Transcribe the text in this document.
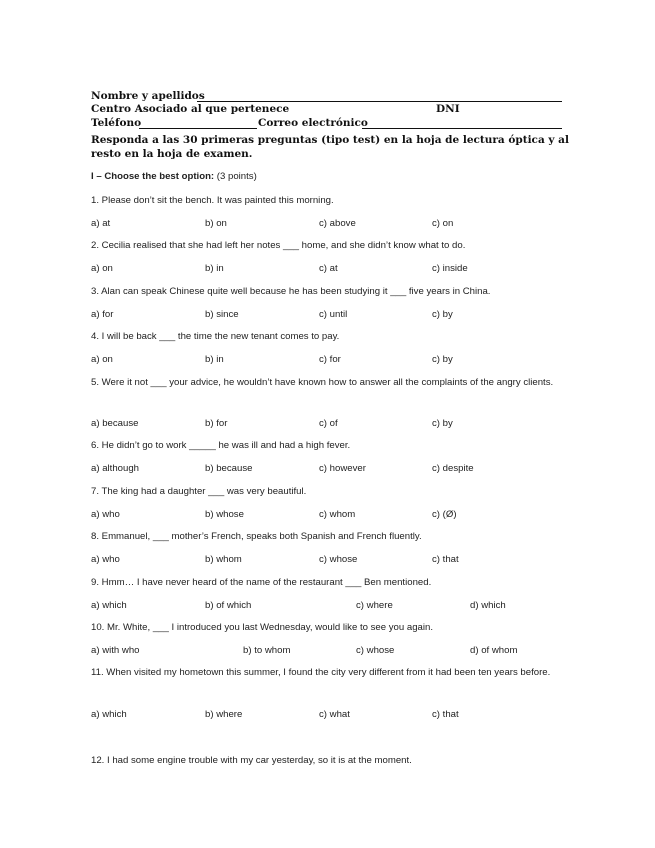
Nombre y apellidos
Centro Asociado al que pertenece	DNI
Teléfono	Correo electrónico
Responda a las 30 primeras preguntas (tipo test) en la hoja de lectura óptica y al resto en la hoja de examen.
I – Choose the best option: (3 points)
1. Please don’t sit the bench. It was painted this morning.
a) at	b) on	c) above	c) on
2. Cecilia realised that she had left her notes ___ home, and she didn’t know what to do.
a) on	b) in	c) at	c) inside
3. Alan can speak Chinese quite well because he has been studying it ___ five years in China.
a) for	b) since	c) until	c) by
4. I will be back ___ the time the new tenant comes to pay.
a) on	b) in	c) for	c) by
5. Were it not ___ your advice, he wouldn’t have known how to answer all the complaints of the angry clients.
a) because	b) for	c) of	c) by
6. He didn’t go to work _____ he was ill and had a high fever.
a) although	b) because	c) however	c) despite
7. The king had a daughter ___ was very beautiful.
a) who	b) whose	c) whom	c) (Ø)
8. Emmanuel, ___ mother’s French, speaks both Spanish and French fluently.
a) who	b) whom	c) whose	c) that
9. Hmm… I have never heard of the name of the restaurant ___ Ben mentioned.
a) which	b) of which	c) where	d) which
10. Mr. White, ___ I introduced you last Wednesday, would like to see you again.
a) with who	b) to whom	c) whose	d) of whom
11. When visited my hometown this summer, I found the city very different from it had been ten years before.
a) which	b) where	c) what	c) that
12. I had some engine trouble with my car yesterday, so it is at the moment.
